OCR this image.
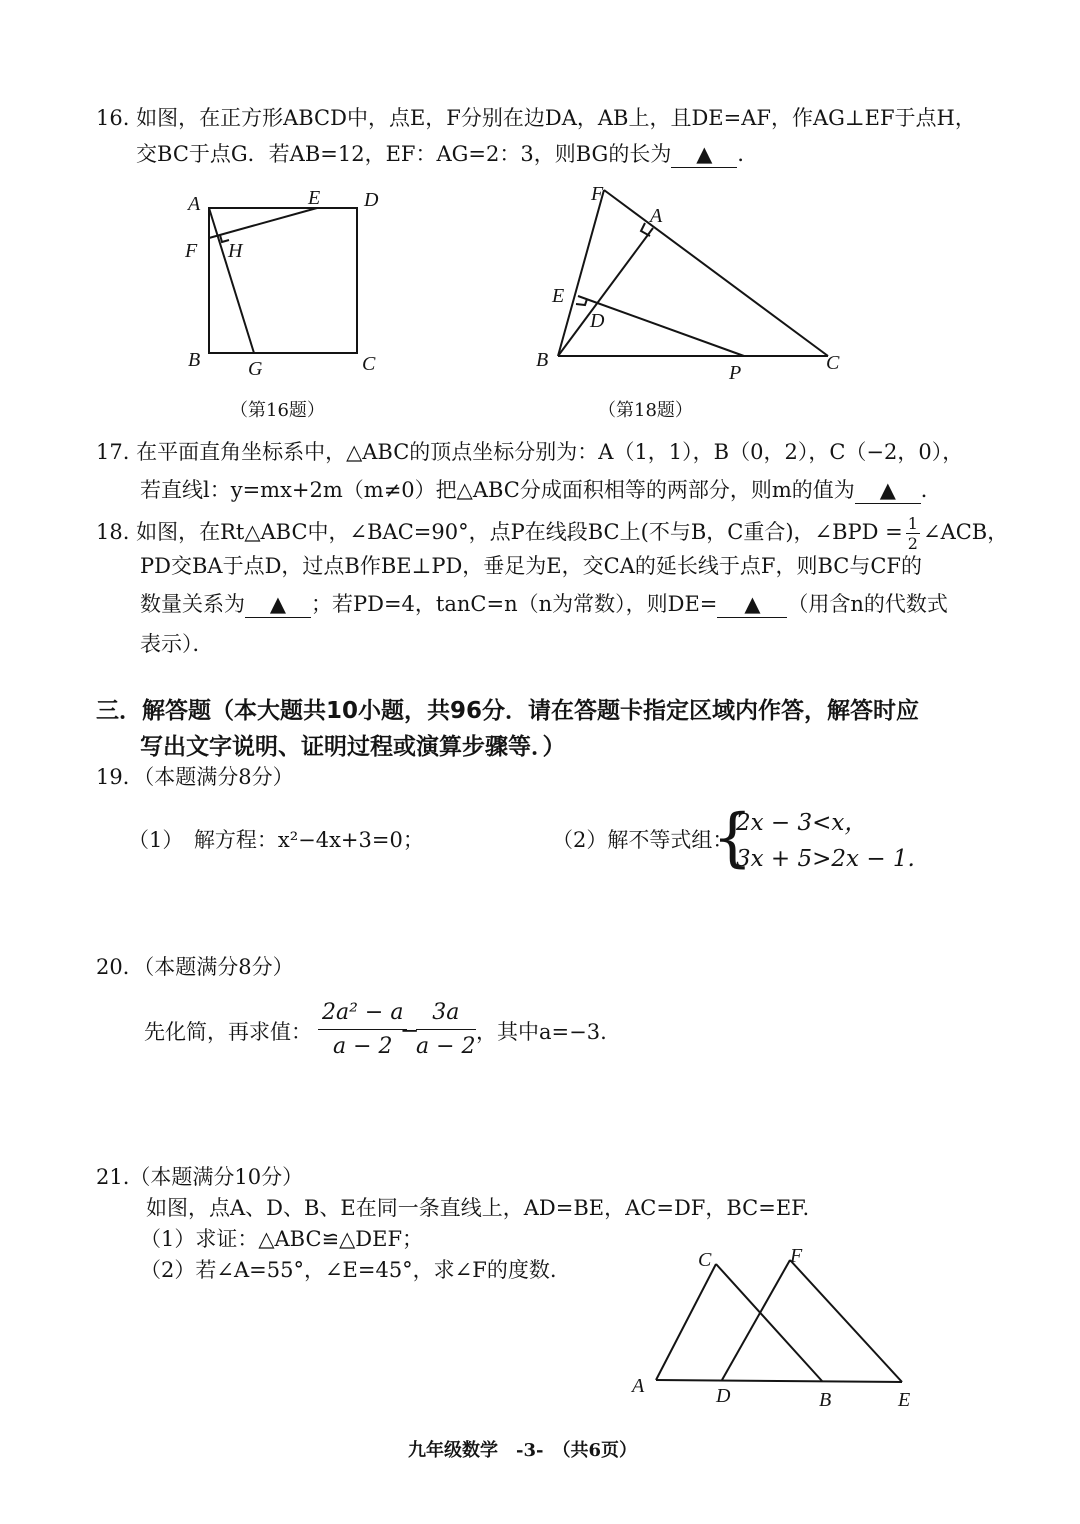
16. 如图，在正方形ABCD中，点E，F分别在边DA，AB上，且DE=AF，作AG⊥EF于点H，
交BC于点G．若AB=12，EF：AG=2：3，则BG的长为 ▲ ．
A	E D
F H
B G	C
（第16题）
F
A
E
D
B
P	C
（第18题）
17. 在平面直角坐标系中，△ABC的顶点坐标分别为：A（1，1），B（0，2），C（−2，0），
若直线l：y=mx+2m（m≠0）把△ABC分成面积相等的两部分，则m的值为 ▲ ．
18. 如图，在Rt△ABC中，∠BAC=90°，点P在线段BC上(不与B，C重合)，∠BPD = $\frac{1}{2}$ ∠ACB，
PD交BA于点D，过点B作BE⊥PD，垂足为E，交CA的延长线于点F，则BC与CF的
数量关系为 ▲ ；若PD=4，tanC=n（n为常数），则DE= ▲ （用含n的代数式
表示）．
三．解答题（本大题共10小题，共96分．请在答题卡指定区域内作答，解答时应
写出文字说明、证明过程或演算步骤等．）
19．（本题满分8分）
（1）　解方程：x²−4x+3=0；	（2）解不等式组：
{
2x − 3<x，
3x + 5>2x − 1.
20．（本题满分8分）
先化简，再求值： $\frac{\text{2a² − a}}{a - 2}$
−
$\frac{3a}{a - 2}$ ，其中a=−3.
21.（本题满分10分）
如图，点A、D、B、E在同一条直线上，AD=BE，AC=DF，BC=EF.
（1）求证：△ABC≌△DEF；
（2）若∠A=55°，∠E=45°，求∠F的度数.	C	F
A	D	B	E
九年级数学　-3-　（共6页）
